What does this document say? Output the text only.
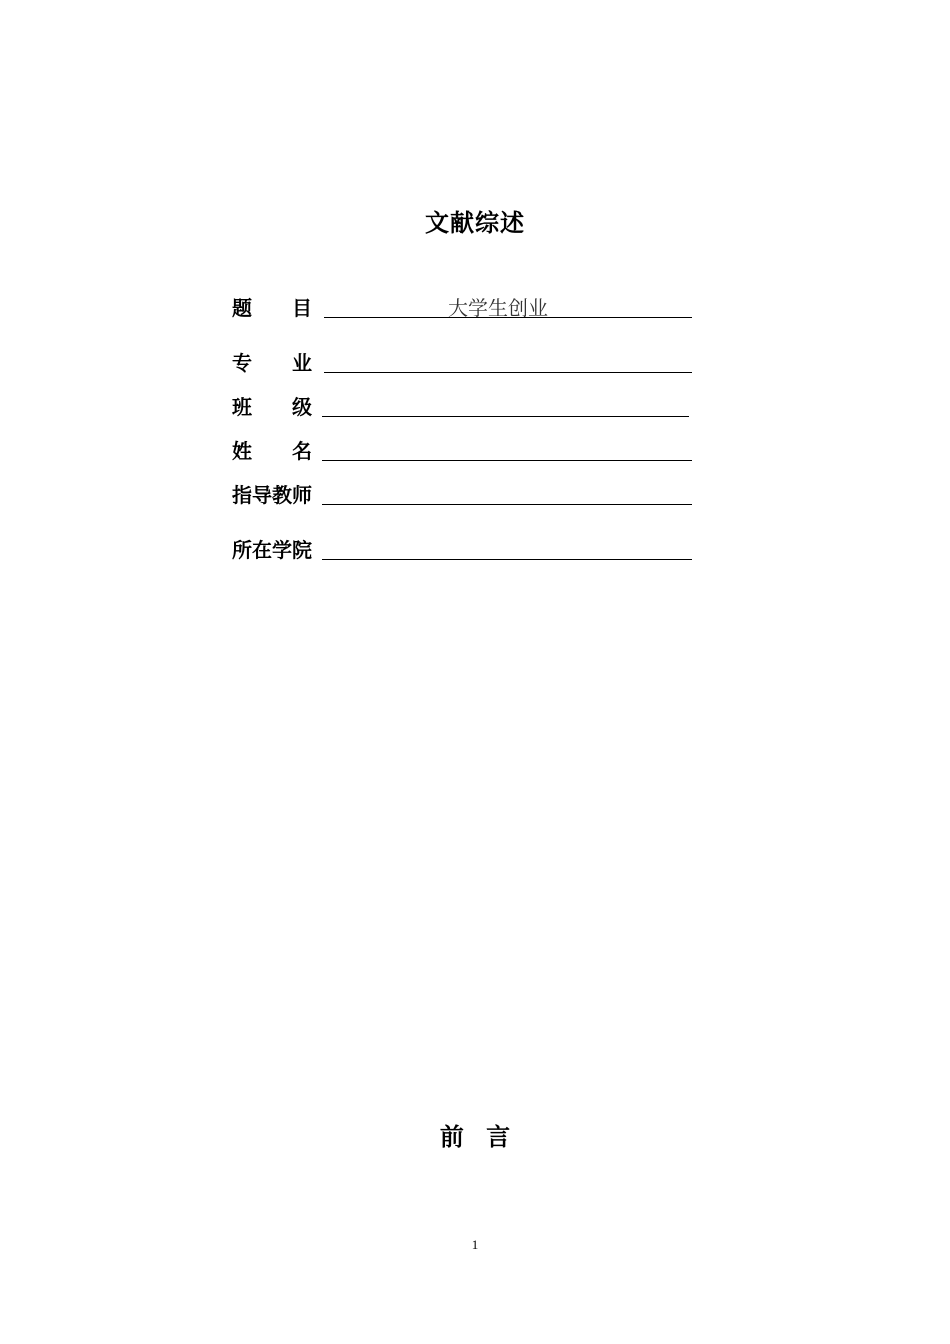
文献综述
题　　目	大学生创业
专　　业
班　　级
姓　　名
指导教师
所在学院
前 言
1
